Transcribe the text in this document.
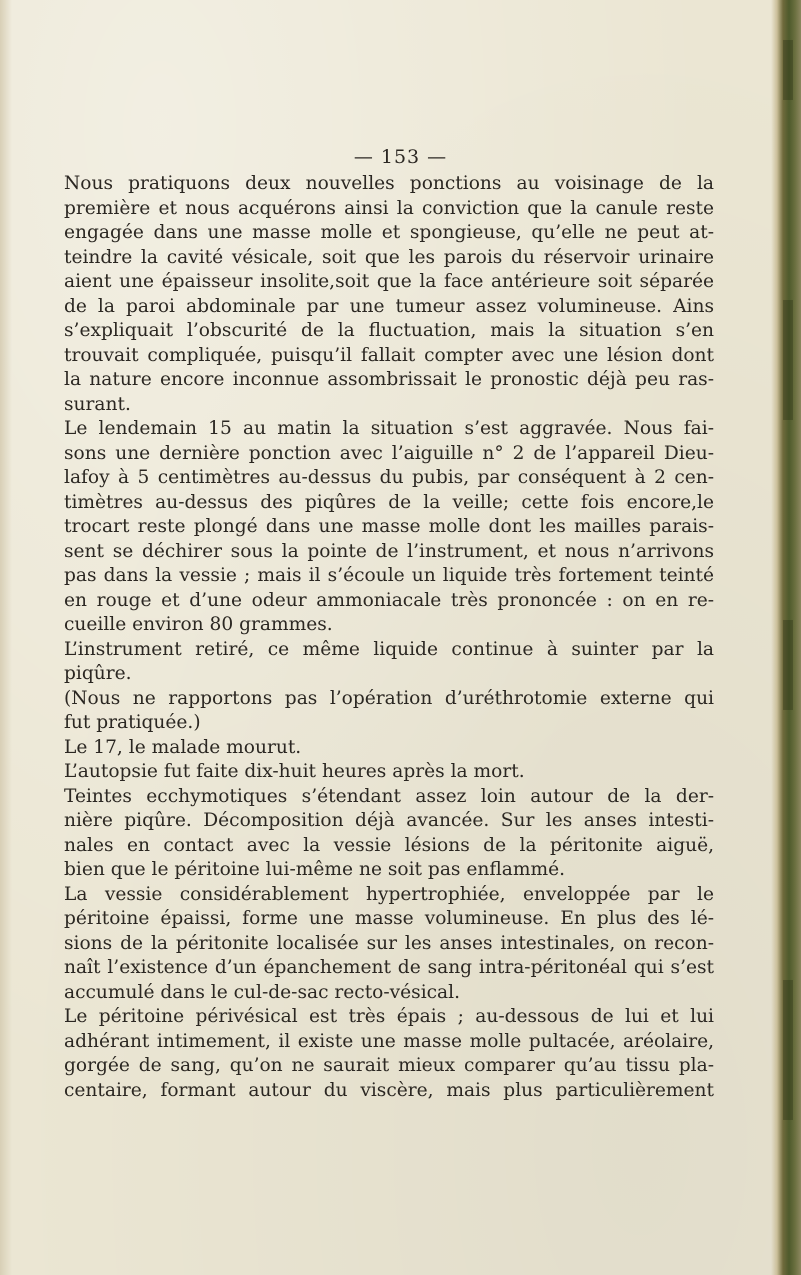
— 153 —
Nous pratiquons deux nouvelles ponctions au voisinage de la
première et nous acquérons ainsi la conviction que la canule reste
engagée dans une masse molle et spongieuse, qu’elle ne peut at-
teindre la cavité vésicale, soit que les parois du réservoir urinaire
aient une épaisseur insolite,soit que la face antérieure soit séparée
de la paroi abdominale par une tumeur assez volumineuse. Ains
s’expliquait l’obscurité de la fluctuation, mais la situation s’en
trouvait compliquée, puisqu’il fallait compter avec une lésion dont
la nature encore inconnue assombrissait le pronostic déjà peu ras-
surant.
Le lendemain 15 au matin la situation s’est aggravée. Nous fai-
sons une dernière ponction avec l’aiguille n° 2 de l’appareil Dieu-
lafoy à 5 centimètres au-dessus du pubis, par conséquent à 2 cen-
timètres au-dessus des piqûres de la veille; cette fois encore,le
trocart reste plongé dans une masse molle dont les mailles parais-
sent se déchirer sous la pointe de l’instrument, et nous n’arrivons
pas dans la vessie ; mais il s’écoule un liquide très fortement teinté
en rouge et d’une odeur ammoniacale très prononcée : on en re-
cueille environ 80 grammes.
L’instrument retiré, ce même liquide continue à suinter par la
piqûre.
(Nous ne rapportons pas l’opération d’uréthrotomie externe qui
fut pratiquée.)
Le 17, le malade mourut.
L’autopsie fut faite dix-huit heures après la mort.
Teintes ecchymotiques s’étendant assez loin autour de la der-
nière piqûre. Décomposition déjà avancée. Sur les anses intesti-
nales en contact avec la vessie lésions de la péritonite aiguë,
bien que le péritoine lui-même ne soit pas enflammé.
La vessie considérablement hypertrophiée, enveloppée par le
péritoine épaissi, forme une masse volumineuse. En plus des lé-
sions de la péritonite localisée sur les anses intestinales, on recon-
naît l’existence d’un épanchement de sang intra-péritonéal qui s’est
accumulé dans le cul-de-sac recto-vésical.
Le péritoine périvésical est très épais ; au-dessous de lui et lui
adhérant intimement, il existe une masse molle pultacée, aréolaire,
gorgée de sang, qu’on ne saurait mieux comparer qu’au tissu pla-
centaire, formant autour du viscère, mais plus particulièrement
